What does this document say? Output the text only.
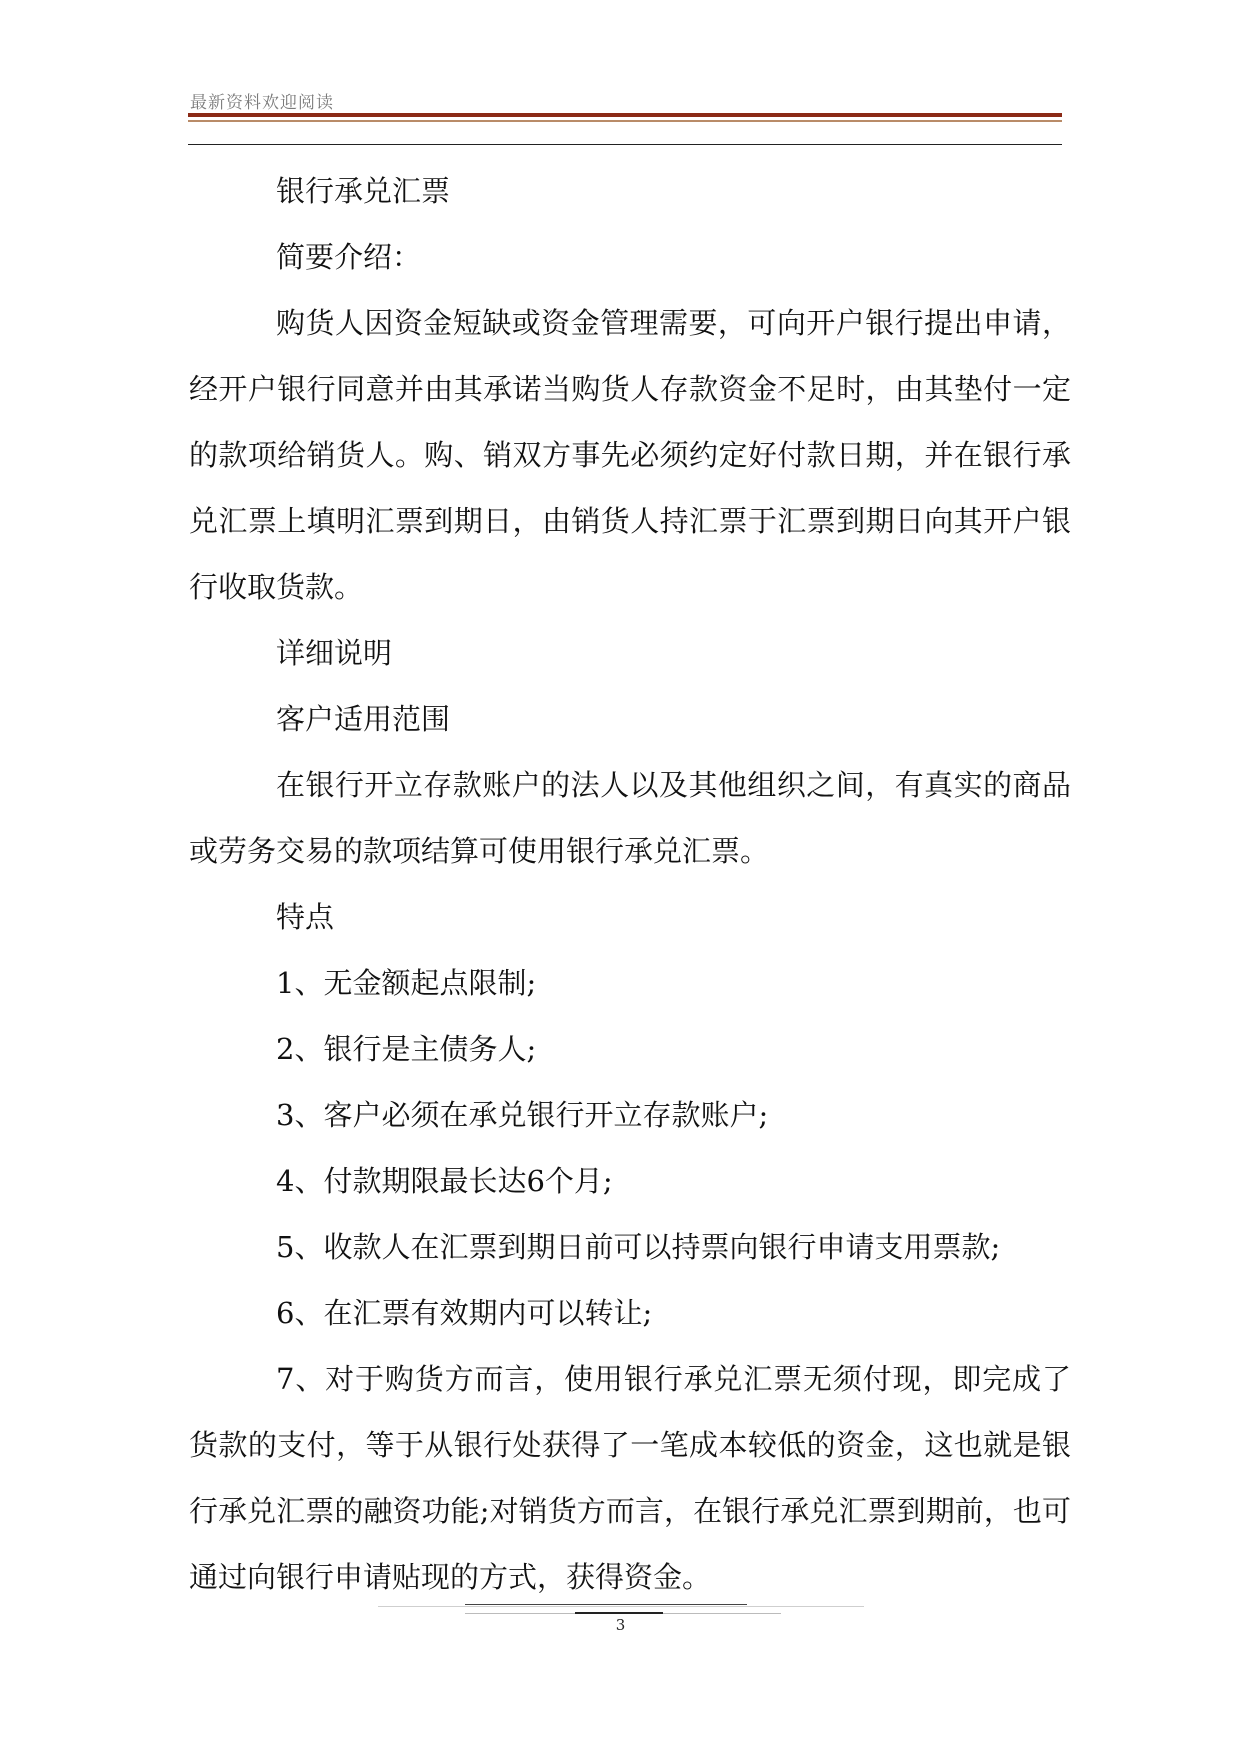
最新资料欢迎阅读

银行承兑汇票

简要介绍：

购货人因资金短缺或资金管理需要，可向开户银行提出申请，经开户银行同意并由其承诺当购货人存款资金不足时，由其垫付一定的款项给销货人。购、销双方事先必须约定好付款日期，并在银行承兑汇票上填明汇票到期日，由销货人持汇票于汇票到期日向其开户银行收取货款。

详细说明

客户适用范围

在银行开立存款账户的法人以及其他组织之间，有真实的商品或劳务交易的款项结算可使用银行承兑汇票。

特点

1、无金额起点限制;

2、银行是主债务人;

3、客户必须在承兑银行开立存款账户;

4、付款期限最长达6个月;

5、收款人在汇票到期日前可以持票向银行申请支用票款;

6、在汇票有效期内可以转让;

7、对于购货方而言，使用银行承兑汇票无须付现，即完成了货款的支付，等于从银行处获得了一笔成本较低的资金，这也就是银行承兑汇票的融资功能;对销货方而言，在银行承兑汇票到期前，也可通过向银行申请贴现的方式，获得资金。

3
